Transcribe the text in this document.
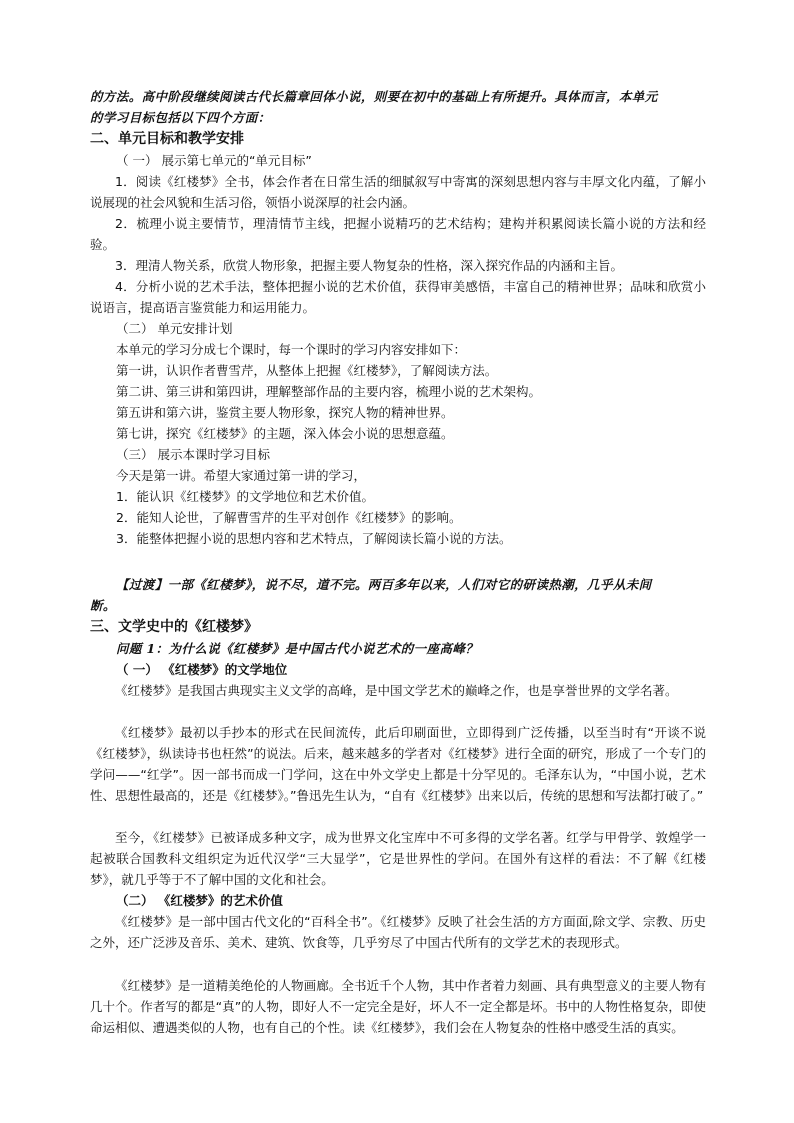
的方法。高中阶段继续阅读古代长篇章回体小说，则要在初中的基础上有所提升。具体而言，本单元

的学习目标包括以下四个方面：

二、单元目标和教学安排

（ 一） 展示第七单元的“单元目标”

1．阅读《红楼梦》全书，体会作者在日常生活的细腻叙写中寄寓的深刻思想内容与丰厚文化内蕴，了解小说展现的社会风貌和生活习俗，领悟小说深厚的社会内涵。

2．梳理小说主要情节，理清情节主线，把握小说精巧的艺术结构；建构并积累阅读长篇小说的方法和经验。

3．理清人物关系，欣赏人物形象，把握主要人物复杂的性格，深入探究作品的内涵和主旨。

4．分析小说的艺术手法，整体把握小说的艺术价值，获得审美感悟，丰富自己的精神世界；品味和欣赏小说语言，提高语言鉴赏能力和运用能力。

（二） 单元安排计划

本单元的学习分成七个课时，每一个课时的学习内容安排如下：

第一讲，认识作者曹雪芹，从整体上把握《红楼梦》，了解阅读方法。

第二讲、第三讲和第四讲，理解整部作品的主要内容，梳理小说的艺术架构。

第五讲和第六讲，鉴赏主要人物形象，探究人物的精神世界。

第七讲，探究《红楼梦》的主题，深入体会小说的思想意蕴。

（三） 展示本课时学习目标

今天是第一讲。希望大家通过第一讲的学习，

1．能认识《红楼梦》的文学地位和艺术价值。

2．能知人论世，了解曹雪芹的生平对创作《红楼梦》的影响。

3．能整体把握小说的思想内容和艺术特点，了解阅读长篇小说的方法。

【过渡】一部《红楼梦》，说不尽，道不完。两百多年以来，人们对它的研读热潮，几乎从未间

断。

三、文学史中的《红楼梦》

问题 1：为什么说《红楼梦》是中国古代小说艺术的一座高峰？

（ 一） 《红楼梦》的文学地位

《红楼梦》是我国古典现实主义文学的高峰，是中国文学艺术的巅峰之作，也是享誉世界的文学名著。

《红楼梦》最初以手抄本的形式在民间流传，此后印刷面世，立即得到广泛传播，以至当时有“开谈不说《红楼梦》，纵读诗书也枉然”的说法。后来，越来越多的学者对《红楼梦》进行全面的研究，形成了一个专门的学问——“红学”。因一部书而成一门学问，这在中外文学史上都是十分罕见的。毛泽东认为，“中国小说，艺术性、思想性最高的，还是《红楼梦》。”鲁迅先生认为，“自有《红楼梦》出来以后，传统的思想和写法都打破了。”

至今，《红楼梦》已被译成多种文字，成为世界文化宝库中不可多得的文学名著。红学与甲骨学、敦煌学一起被联合国教科文组织定为近代汉学“三大显学”，它是世界性的学问。在国外有这样的看法：不了解《红楼梦》，就几乎等于不了解中国的文化和社会。

（二） 《红楼梦》的艺术价值

《红楼梦》是一部中国古代文化的“百科全书”。《红楼梦》反映了社会生活的方方面面,除文学、宗教、历史之外，还广泛涉及音乐、美术、建筑、饮食等，几乎穷尽了中国古代所有的文学艺术的表现形式。

《红楼梦》是一道精美绝伦的人物画廊。全书近千个人物，其中作者着力刻画、具有典型意义的主要人物有几十个。作者写的都是“真”的人物，即好人不一定完全是好，坏人不一定全都是坏。书中的人物性格复杂，即使命运相似、遭遇类似的人物，也有自己的个性。读《红楼梦》，我们会在人物复杂的性格中感受生活的真实。
